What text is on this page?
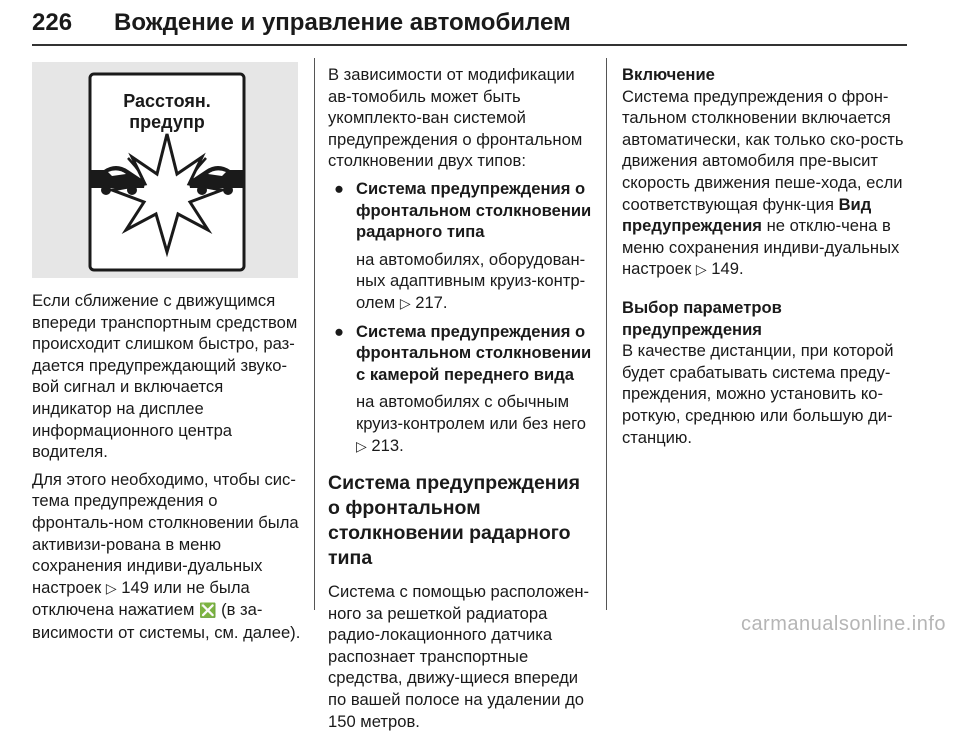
226 Вождение и управление автомобилем
Расстоян.
предупр

Если сближение с движущимся впереди транспортным средством происходит слишком быстро, раз-дается предупреждающий звуко-вой сигнал и включается индикатор на дисплее информационного центра водителя.

Для этого необходимо, чтобы сис-тема предупреждения о фронталь-ном столкновении была активизи-рована в меню сохранения индиви-дуальных настроек ▷ 149 или не была отключена нажатием ❎ (в за-висимости от системы, см. далее).

В зависимости от модификации ав-томобиль может быть укомплекто-ван системой предупреждения о фронтальном столкновении двух типов:

● Система предупреждения о фронтальном столкновении радарного типа
на автомобилях, оборудован-ных адаптивным круиз-контр-олем ▷ 217.
● Система предупреждения о фронтальном столкновении с камерой переднего вида
на автомобилях с обычным круиз-контролем или без него ▷ 213.
Система предупреждения о фронтальном столкновении радарного типа

Система с помощью расположен-ного за решеткой радиатора радио-локационного датчика распознает транспортные средства, движу-щиеся впереди по вашей полосе на удалении до 150 метров.

Включение

Система предупреждения о фрон-тальном столкновении включается автоматически, как только ско-рость движения автомобиля пре-высит скорость движения пеше-хода, если соответствующая функ-ция Вид предупреждения не отклю-чена в меню сохранения индиви-дуальных настроек ▷ 149.

Выбор параметров предупреждения

В качестве дистанции, при которой будет срабатывать система преду-преждения, можно установить ко-роткую, среднюю или большую ди-станцию.

carmanualsonline.info
